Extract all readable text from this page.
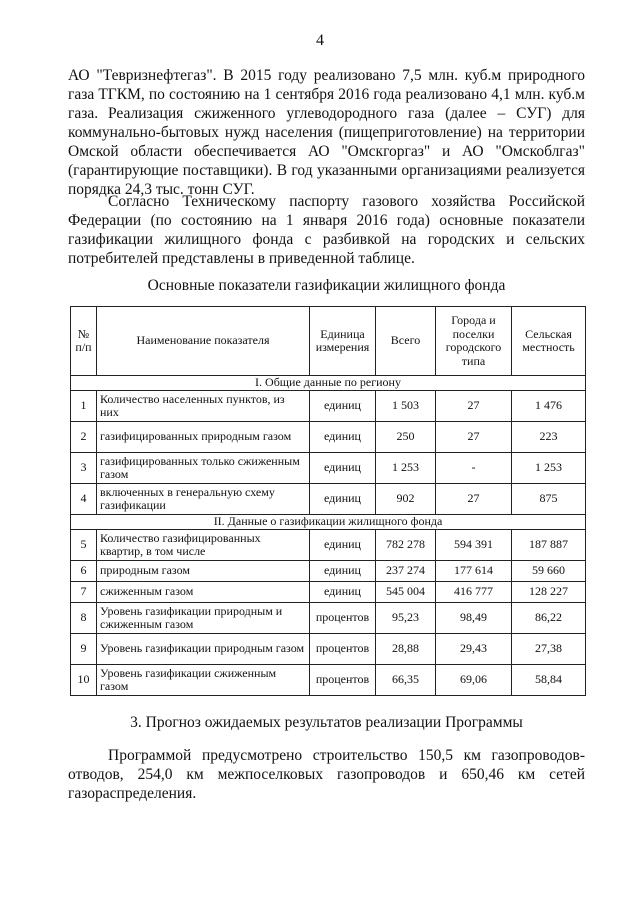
4

АО "Тевризнефтегаз". В 2015 году реализовано 7,5 млн. куб.м природного газа ТГКМ, по состоянию на 1 сентября 2016 года реализовано 4,1 млн. куб.м газа. Реализация сжиженного углеводородного газа (далее – СУГ) для коммунально-бытовых нужд населения (пищеприготовление) на территории Омской области обеспечивается АО "Омскгоргаз" и АО "Омскоблгаз" (гарантирующие поставщики). В год указанными организациями реализуется порядка 24,3 тыс. тонн СУГ.

Согласно Техническому паспорту газового хозяйства Российской Федерации (по состоянию на 1 января 2016 года) основные показатели газификации жилищного фонда с разбивкой на городских и сельских потребителей представлены в приведенной таблице.

Основные показатели газификации жилищного фонда
№ п/п	Наименование показателя	Единица измерения	Всего	Города и поселки городского типа	Сельская местность
I. Общие данные по региону					
1	Количество населенных пунктов, из них	единиц	1 503	27	1 476
2	газифицированных природным газом	единиц	250	27	223
3	газифицированных только сжиженным газом	единиц	1 253	-	1 253
4	включенных в генеральную схему газификации	единиц	902	27	875
II. Данные о газификации жилищного фонда					
5	Количество газифицированных квартир, в том числе	единиц	782 278	594 391	187 887
6	природным газом	единиц	237 274	177 614	59 660
7	сжиженным газом	единиц	545 004	416 777	128 227
8	Уровень газификации природным и сжиженным газом	процентов	95,23	98,49	86,22
9	Уровень газификации природным газом	процентов	28,88	29,43	27,38
10	Уровень газификации сжиженным газом	процентов	66,35	69,06	58,84
3. Прогноз ожидаемых результатов реализации Программы

Программой предусмотрено строительство 150,5 км газопроводов-отводов, 254,0 км межпоселковых газопроводов и 650,46 км сетей газораспределения.
